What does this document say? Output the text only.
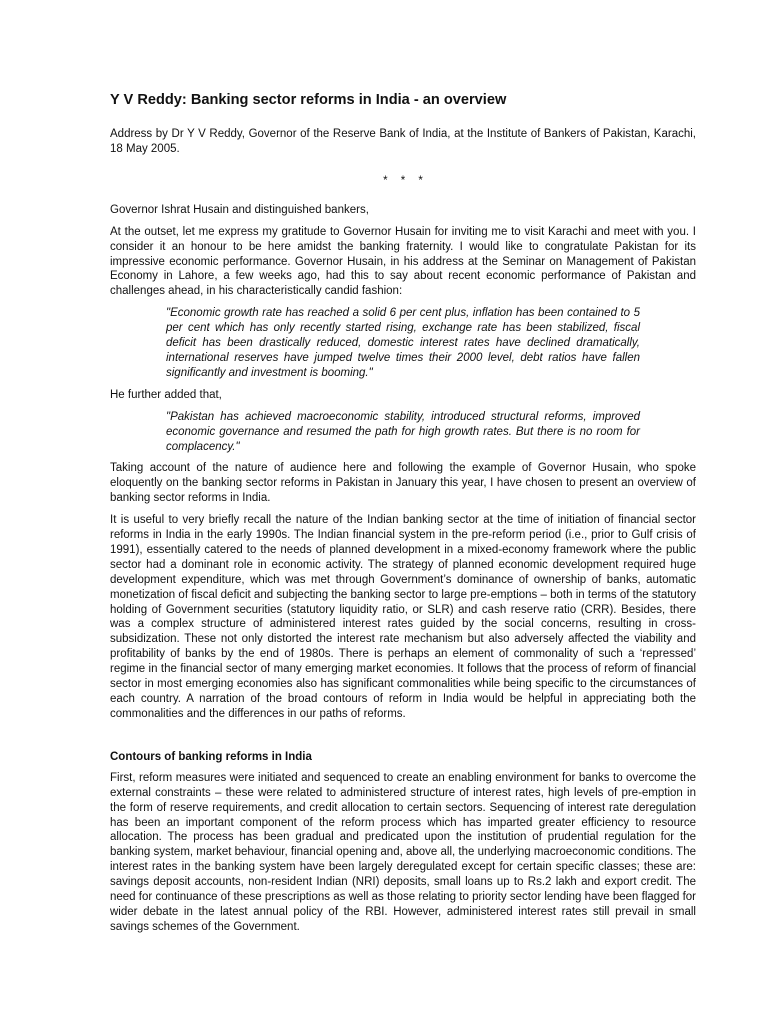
Y V Reddy: Banking sector reforms in India - an overview

Address by Dr Y V Reddy, Governor of the Reserve Bank of India, at the Institute of Bankers of Pakistan, Karachi, 18 May 2005.

* * *

Governor Ishrat Husain and distinguished bankers,

At the outset, let me express my gratitude to Governor Husain for inviting me to visit Karachi and meet with you. I consider it an honour to be here amidst the banking fraternity. I would like to congratulate Pakistan for its impressive economic performance. Governor Husain, in his address at the Seminar on Management of Pakistan Economy in Lahore, a few weeks ago, had this to say about recent economic performance of Pakistan and challenges ahead, in his characteristically candid fashion:

"Economic growth rate has reached a solid 6 per cent plus, inflation has been contained to 5 per cent which has only recently started rising, exchange rate has been stabilized, fiscal deficit has been drastically reduced, domestic interest rates have declined dramatically, international reserves have jumped twelve times their 2000 level, debt ratios have fallen significantly and investment is booming."

He further added that,

"Pakistan has achieved macroeconomic stability, introduced structural reforms, improved economic governance and resumed the path for high growth rates. But there is no room for complacency."

Taking account of the nature of audience here and following the example of Governor Husain, who spoke eloquently on the banking sector reforms in Pakistan in January this year, I have chosen to present an overview of banking sector reforms in India.

It is useful to very briefly recall the nature of the Indian banking sector at the time of initiation of financial sector reforms in India in the early 1990s. The Indian financial system in the pre-reform period (i.e., prior to Gulf crisis of 1991), essentially catered to the needs of planned development in a mixed-economy framework where the public sector had a dominant role in economic activity. The strategy of planned economic development required huge development expenditure, which was met through Government’s dominance of ownership of banks, automatic monetization of fiscal deficit and subjecting the banking sector to large pre-emptions – both in terms of the statutory holding of Government securities (statutory liquidity ratio, or SLR) and cash reserve ratio (CRR). Besides, there was a complex structure of administered interest rates guided by the social concerns, resulting in cross-subsidization. These not only distorted the interest rate mechanism but also adversely affected the viability and profitability of banks by the end of 1980s. There is perhaps an element of commonality of such a ‘repressed’ regime in the financial sector of many emerging market economies. It follows that the process of reform of financial sector in most emerging economies also has significant commonalities while being specific to the circumstances of each country. A narration of the broad contours of reform in India would be helpful in appreciating both the commonalities and the differences in our paths of reforms.

Contours of banking reforms in India

First, reform measures were initiated and sequenced to create an enabling environment for banks to overcome the external constraints – these were related to administered structure of interest rates, high levels of pre-emption in the form of reserve requirements, and credit allocation to certain sectors. Sequencing of interest rate deregulation has been an important component of the reform process which has imparted greater efficiency to resource allocation. The process has been gradual and predicated upon the institution of prudential regulation for the banking system, market behaviour, financial opening and, above all, the underlying macroeconomic conditions. The interest rates in the banking system have been largely deregulated except for certain specific classes; these are: savings deposit accounts, non-resident Indian (NRI) deposits, small loans up to Rs.2 lakh and export credit. The need for continuance of these prescriptions as well as those relating to priority sector lending have been flagged for wider debate in the latest annual policy of the RBI. However, administered interest rates still prevail in small savings schemes of the Government.
